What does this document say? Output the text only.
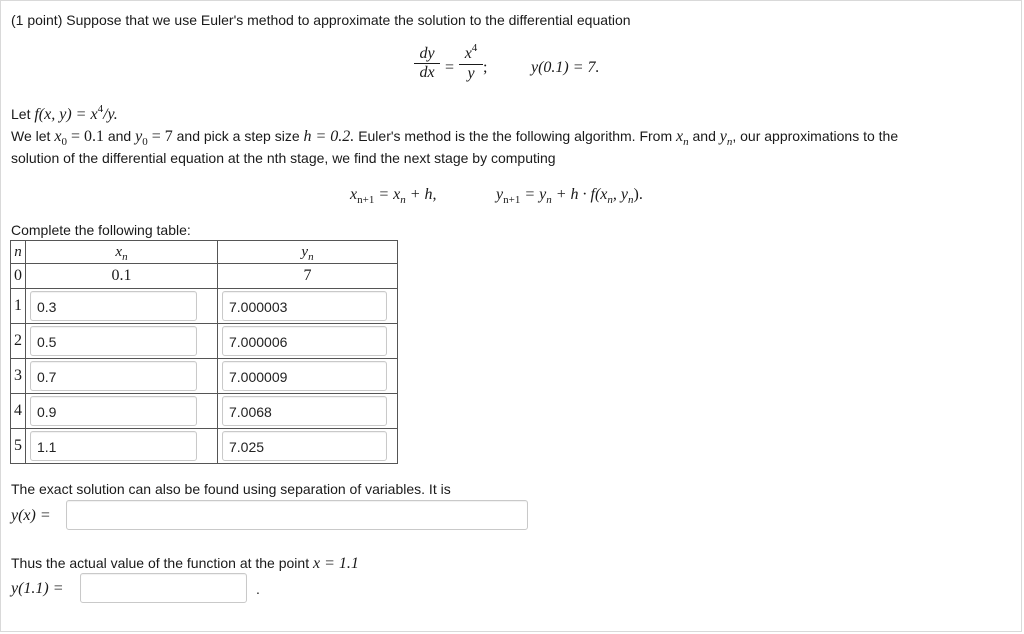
(1 point) Suppose that we use Euler's method to approximate the solution to the differential equation
$\frac{dy}{dx} = \frac{x^4}{y}$ ;	y(0.1) = 7.
Let f(x, $y) = x^4/y$.
We let $x_0 = 0.1$ and $y_0 = 7$ and pick a step size h = 0.2. Euler's method is the the following algorithm. From $x_n$ and $y_n$, our approximations to the
solution of the differential equation at the nth stage, we find the next stage by computing
$x_{n+1} = x_n + h$,	$y_{n+1} = y_n + h \cdot f(x_n$, $y_n$).
Complete the following table:
n	$x_n$	$y_n$
0	0.1	7
1	0.3	7.000003

2	0.5	7.000006

3	0.7	7.000009

4	0.9	7.0068

5	1.1	7.025
The exact solution can also be found using separation of variables. It is
y(x) =
Thus the actual value of the function at the point x = 1.1
y(1.1) =	.
